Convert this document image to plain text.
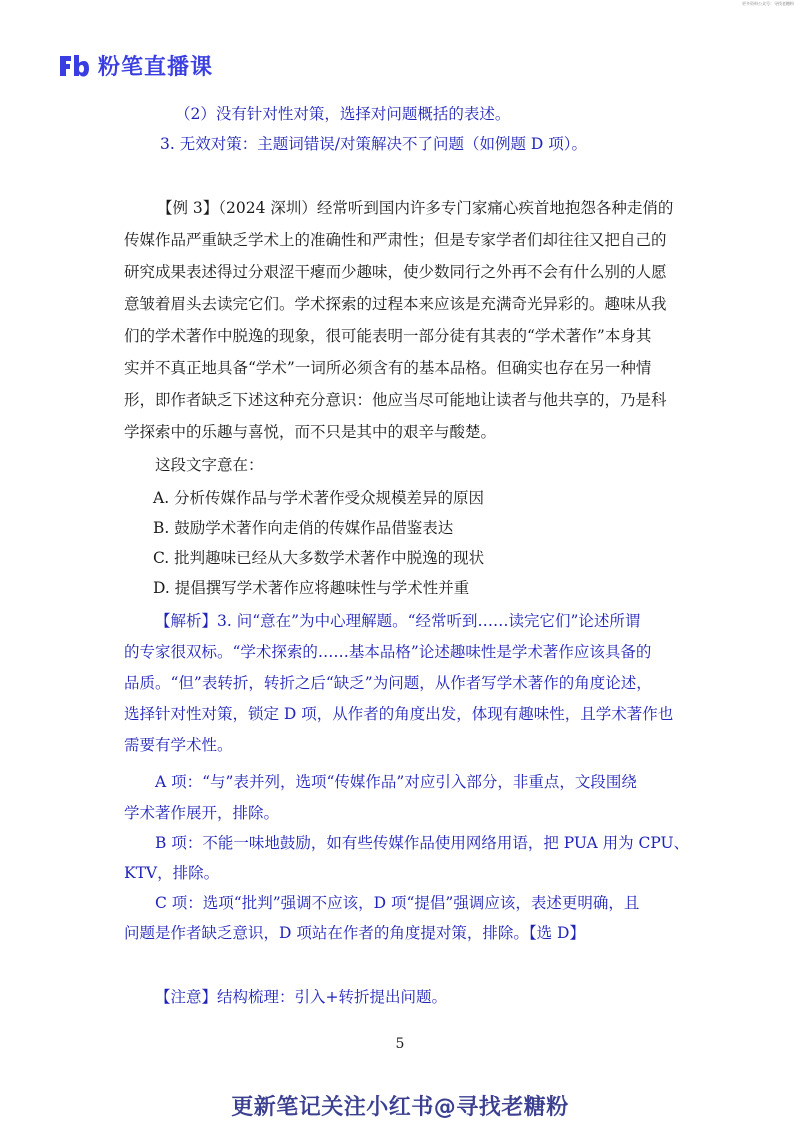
更多资料公众号：寻找老糖粉
粉笔直播课
（2）没有针对性对策，选择对问题概括的表述。
3. 无效对策：主题词错误/对策解决不了问题（如例题 D 项）。
【例 3】（2024 深圳）经常听到国内许多专门家痛心疾首地抱怨各种走俏的
传媒作品严重缺乏学术上的准确性和严肃性；但是专家学者们却往往又把自己的
研究成果表述得过分艰涩干瘪而少趣味，使少数同行之外再不会有什么别的人愿
意皱着眉头去读完它们。学术探索的过程本来应该是充满奇光异彩的。趣味从我
们的学术著作中脱逸的现象，很可能表明一部分徒有其表的“学术著作”本身其
实并不真正地具备“学术”一词所必须含有的基本品格。但确实也存在另一种情
形，即作者缺乏下述这种充分意识：他应当尽可能地让读者与他共享的，乃是科
学探索中的乐趣与喜悦，而不只是其中的艰辛与酸楚。
这段文字意在：
A. 分析传媒作品与学术著作受众规模差异的原因
B. 鼓励学术著作向走俏的传媒作品借鉴表达
C. 批判趣味已经从大多数学术著作中脱逸的现状
D. 提倡撰写学术著作应将趣味性与学术性并重
【解析】3. 问“意在”为中心理解题。“经常听到……读完它们”论述所谓
的专家很双标。“学术探索的……基本品格”论述趣味性是学术著作应该具备的
品质。“但”表转折，转折之后“缺乏”为问题，从作者写学术著作的角度论述，
选择针对性对策，锁定 D 项，从作者的角度出发，体现有趣味性，且学术著作也
需要有学术性。
A 项：“与”表并列，选项“传媒作品”对应引入部分，非重点，文段围绕
学术著作展开，排除。
B 项：不能一味地鼓励，如有些传媒作品使用网络用语，把 PUA 用为 CPU、
KTV，排除。
C 项：选项“批判”强调不应该，D 项“提倡”强调应该，表述更明确，且
问题是作者缺乏意识，D 项站在作者的角度提对策，排除。【选 D】
【注意】结构梳理：引入+转折提出问题。
5
更新笔记关注小红书@寻找老糖粉
